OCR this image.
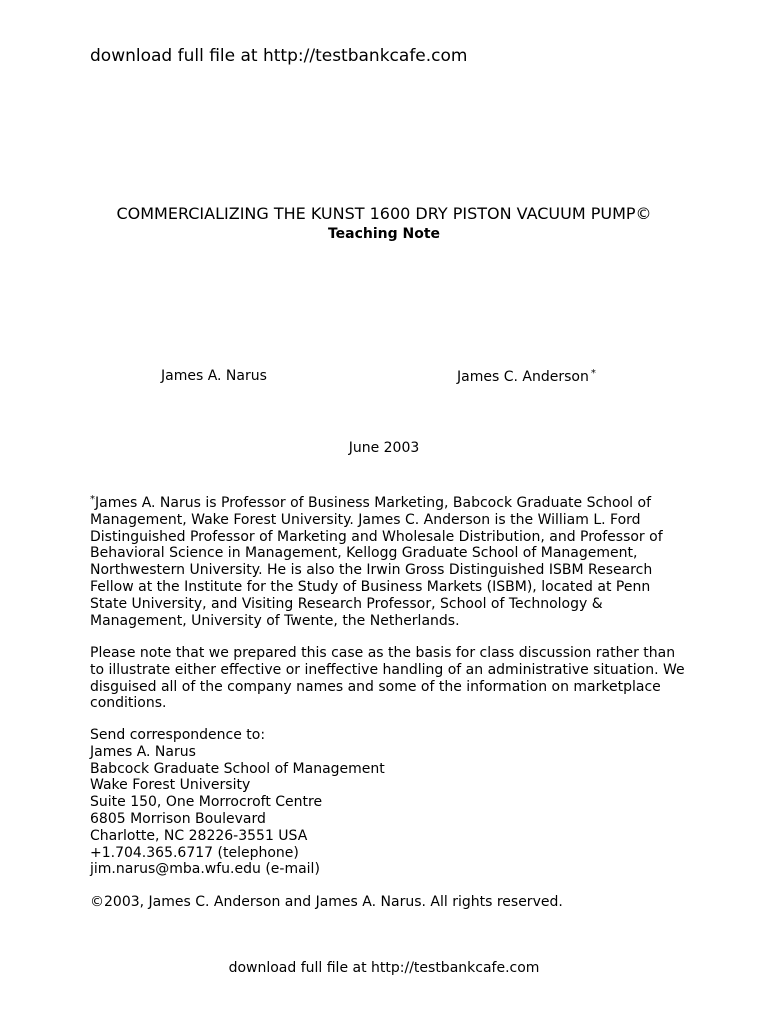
download full file at http://testbankcafe.com
COMMERCIALIZING THE KUNST 1600 DRY PISTON VACUUM PUMP©
Teaching Note
James A. Narus	James C. Anderson *
June 2003
*James A. Narus is Professor of Business Marketing, Babcock Graduate School of Management, Wake Forest University. James C. Anderson is the William L. Ford Distinguished Professor of Marketing and Wholesale Distribution, and Professor of Behavioral Science in Management, Kellogg Graduate School of Management, Northwestern University. He is also the Irwin Gross Distinguished ISBM Research Fellow at the Institute for the Study of Business Markets (ISBM), located at Penn State University, and Visiting Research Professor, School of Technology & Management, University of Twente, the Netherlands.
Please note that we prepared this case as the basis for class discussion rather than to illustrate either effective or ineffective handling of an administrative situation. We disguised all of the company names and some of the information on marketplace conditions.
Send correspondence to:
James A. Narus
Babcock Graduate School of Management
Wake Forest University
Suite 150, One Morrocroft Centre
6805 Morrison Boulevard
Charlotte, NC 28226-3551 USA
+1.704.365.6717 (telephone)
jim.narus@mba.wfu.edu (e-mail)
©2003, James C. Anderson and James A. Narus. All rights reserved.
download full file at http://testbankcafe.com
